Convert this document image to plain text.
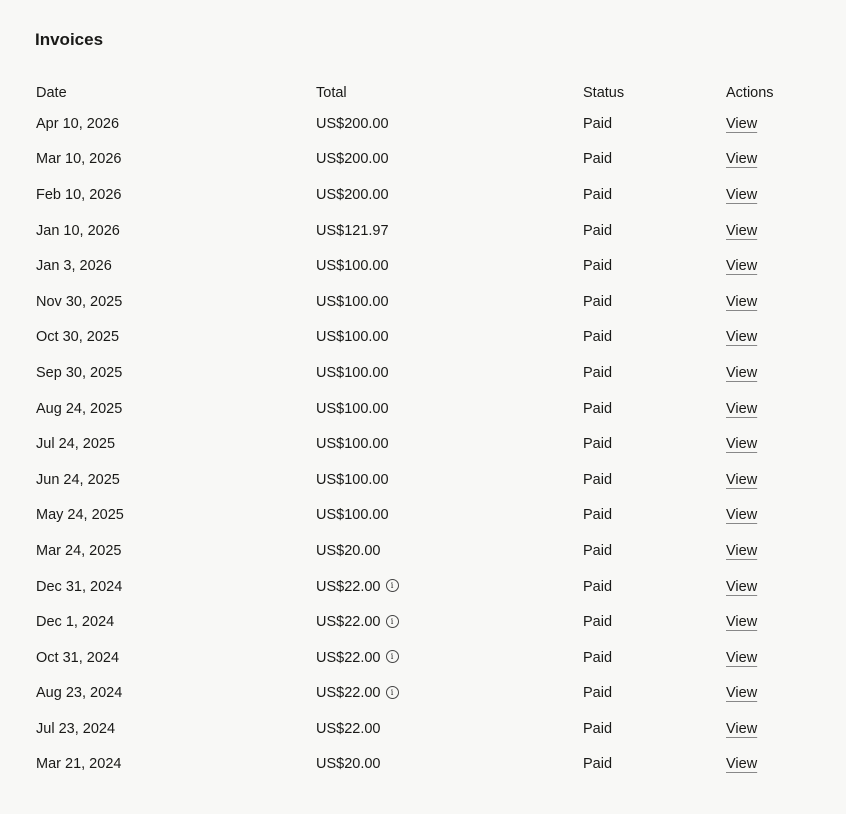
Invoices
Date	Total	Status	Actions
Apr 10, 2026	US$200.00	Paid	View
Mar 10, 2026	US$200.00	Paid	View
Feb 10, 2026	US$200.00	Paid	View
Jan 10, 2026	US$121.97	Paid	View
Jan 3, 2026	US$100.00	Paid	View
Nov 30, 2025	US$100.00	Paid	View
Oct 30, 2025	US$100.00	Paid	View
Sep 30, 2025	US$100.00	Paid	View
Aug 24, 2025	US$100.00	Paid	View
Jul 24, 2025	US$100.00	Paid	View
Jun 24, 2025	US$100.00	Paid	View
May 24, 2025	US$100.00	Paid	View
Mar 24, 2025	US$20.00	Paid	View
Dec 31, 2024	US$22.00 i	Paid	View
Dec 1, 2024	US$22.00 i	Paid	View
Oct 31, 2024	US$22.00 i	Paid	View
Aug 23, 2024	US$22.00 i	Paid	View
Jul 23, 2024	US$22.00	Paid	View
Mar 21, 2024	US$20.00	Paid	View
